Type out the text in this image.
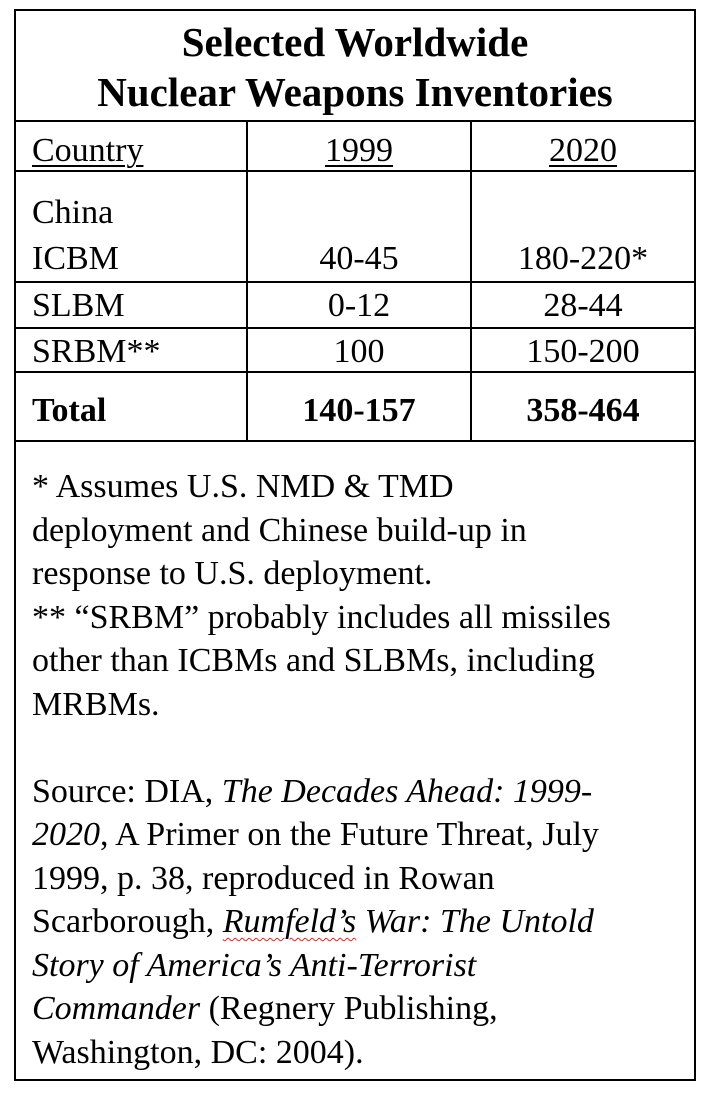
Selected Worldwide
Nuclear Weapons Inventories
Country	1999	2020
China
ICBM	40-45	180-220*
SLBM	0-12	28-44
SRBM**	100	150-200
Total	140-157	358-464
* Assumes U.S. NMD & TMD
deployment and Chinese build-up in
response to U.S. deployment.
** “SRBM” probably includes all missiles
other than ICBMs and SLBMs, including
MRBMs.
Source: DIA, The Decades Ahead: 1999-
2020, A Primer on the Future Threat, July
1999, p. 38, reproduced in Rowan
Scarborough, Rumfeld’s War: The Untold
Story of America’s Anti-Terrorist
Commander (Regnery Publishing,
Washington, DC: 2004).
